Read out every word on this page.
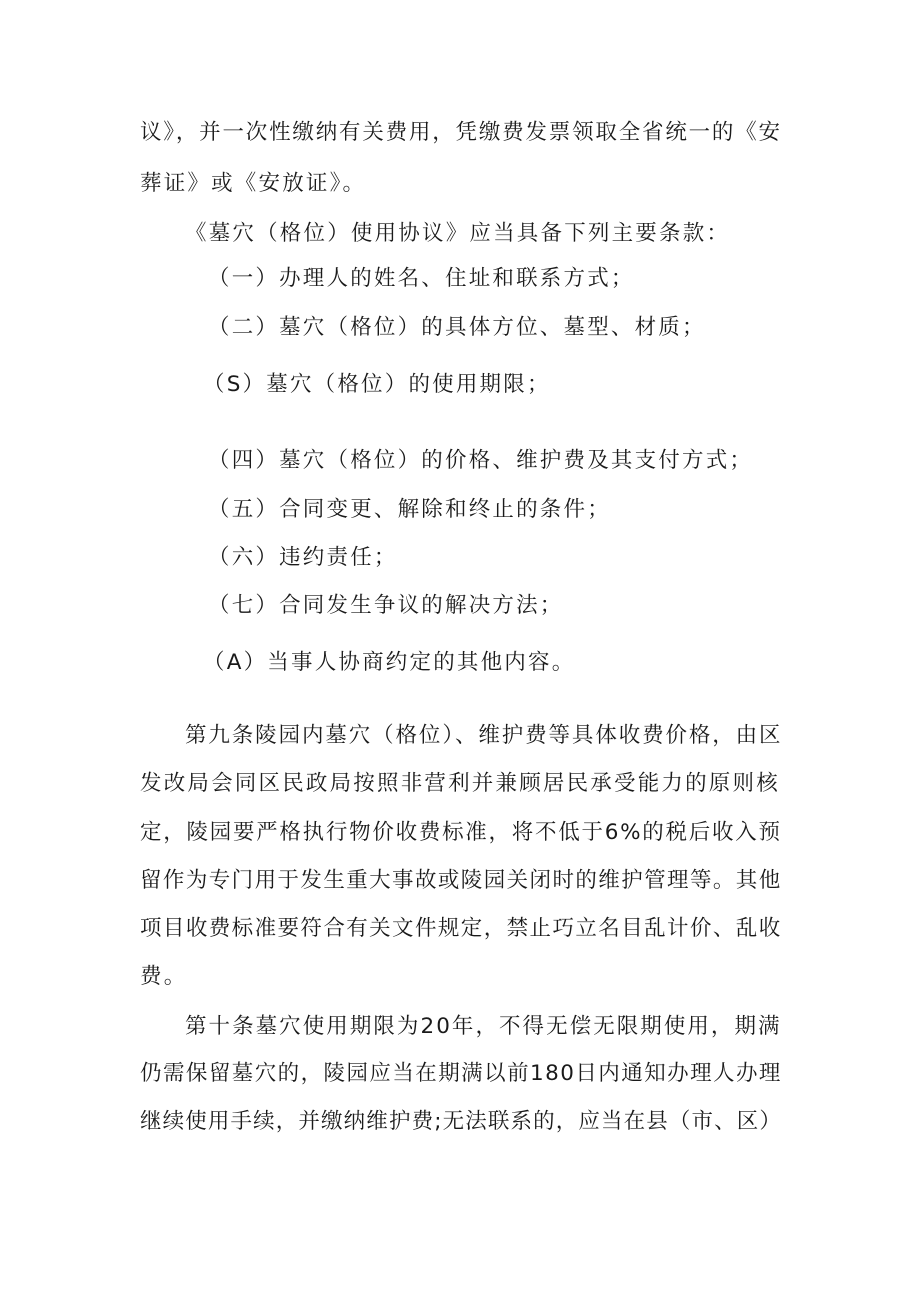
议》，并一次性缴纳有关费用，凭缴费发票领取全省统一的《安
葬证》或《安放证》。
《墓穴（格位）使用协议》应当具备下列主要条款：
（一）办理人的姓名、住址和联系方式；
（二）墓穴（格位）的具体方位、墓型、材质；
（S）墓穴（格位）的使用期限；
（四）墓穴（格位）的价格、维护费及其支付方式；
（五）合同变更、解除和终止的条件；
（六）违约责任；
（七）合同发生争议的解决方法；
（A）当事人协商约定的其他内容。
第九条陵园内墓穴（格位）、维护费等具体收费价格，由区
发改局会同区民政局按照非营利并兼顾居民承受能力的原则核
定，陵园要严格执行物价收费标准，将不低于6%的税后收入预
留作为专门用于发生重大事故或陵园关闭时的维护管理等。其他
项目收费标准要符合有关文件规定，禁止巧立名目乱计价、乱收
费。
第十条墓穴使用期限为20年，不得无偿无限期使用，期满
仍需保留墓穴的，陵园应当在期满以前180日内通知办理人办理
继续使用手续，并缴纳维护费;无法联系的，应当在县（市、区）
